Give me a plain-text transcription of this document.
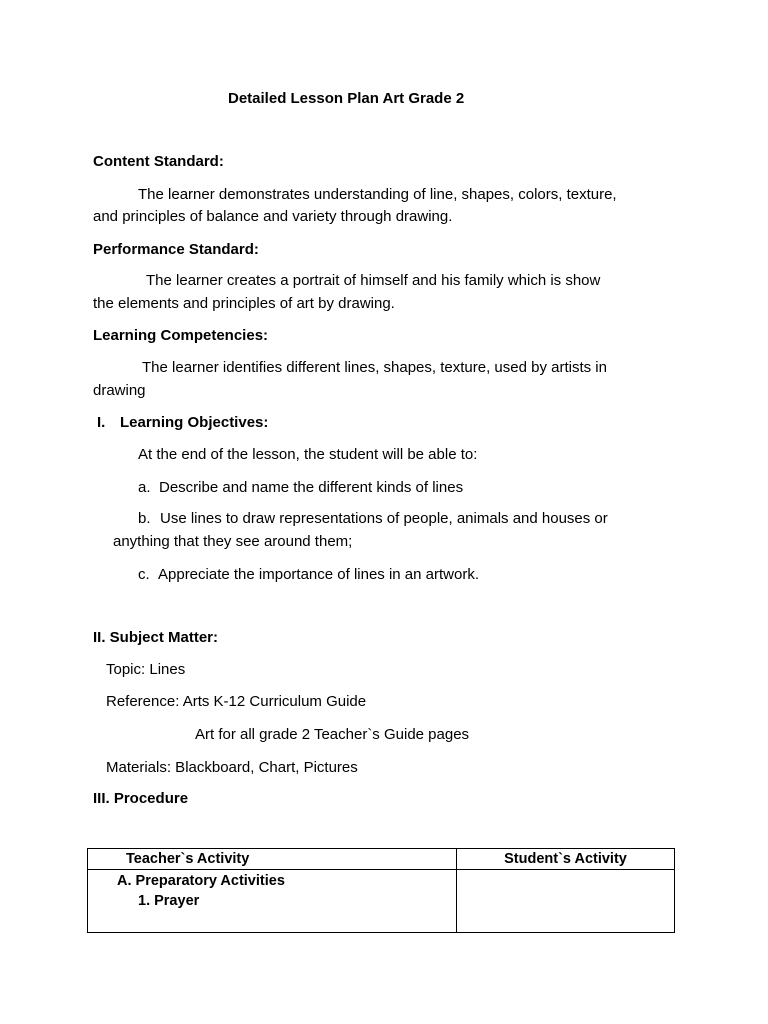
Detailed Lesson Plan Art Grade 2
Content Standard:
The learner demonstrates understanding of line, shapes, colors, texture,
and principles of balance and variety through drawing.
Performance Standard:
The learner creates a portrait of himself and his family which is show
the elements and principles of art by drawing.
Learning Competencies:
The learner identifies different lines, shapes, texture, used by artists in
drawing
I. Learning Objectives:
At the end of the lesson, the student will be able to:
a. Describe and name the different kinds of lines
b. Use lines to draw representations of people, animals and houses or
anything that they see around them;
c. Appreciate the importance of lines in an artwork.
II. Subject Matter:
Topic: Lines
Reference: Arts K-12 Curriculum Guide
Art for all grade 2 Teacher`s Guide pages
Materials: Blackboard, Chart, Pictures
III. Procedure
Teacher`s Activity	Student`s Activity

A. Preparatory Activities
1. Prayer	
